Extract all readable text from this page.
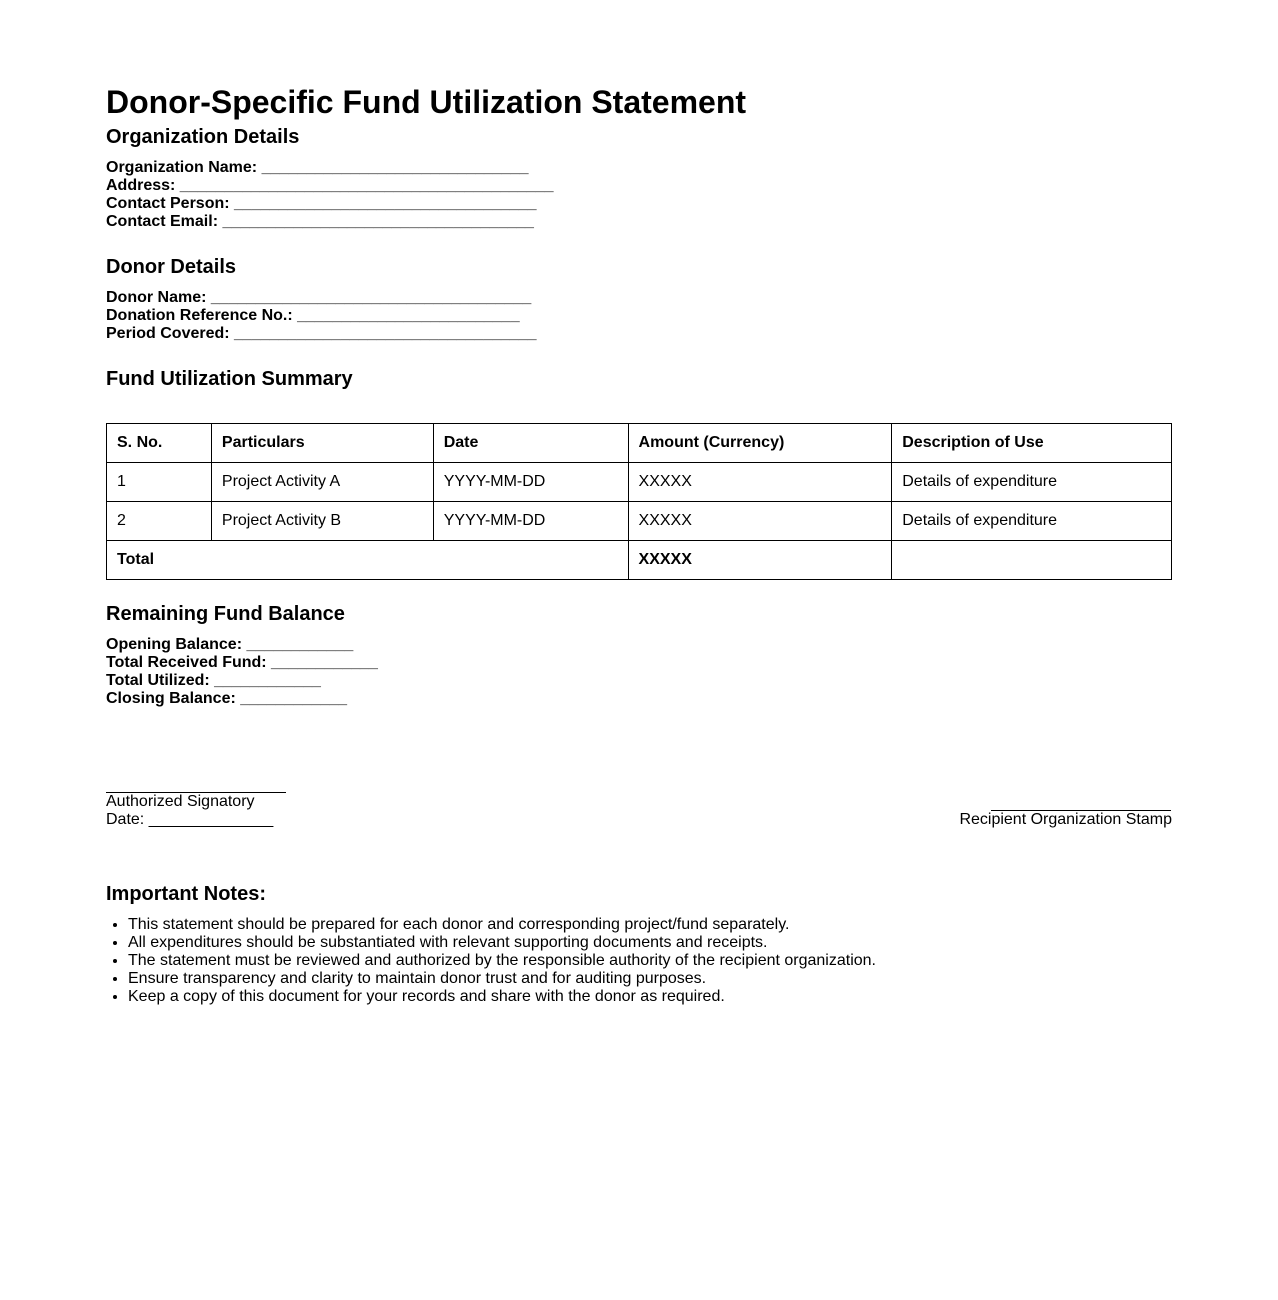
Donor-Specific Fund Utilization Statement
Organization Details
Organization Name: ______________________________
Address: __________________________________________
Contact Person: __________________________________
Contact Email: ___________________________________
Donor Details
Donor Name: ____________________________________
Donation Reference No.: _________________________
Period Covered: __________________________________
Fund Utilization Summary
S. No.	Particulars	Date	Amount (Currency)	Description of Use
1	Project Activity A	YYYY-MM-DD	XXXXX	Details of expenditure
2	Project Activity B	YYYY-MM-DD	XXXXX	Details of expenditure
Total			XXXXX	
Remaining Fund Balance
Opening Balance: ____________
Total Received Fund: ____________
Total Utilized: ____________
Closing Balance: ____________
Authorized Signatory
Date: ______________	Recipient Organization Stamp
Important Notes:
• This statement should be prepared for each donor and corresponding project/fund separately.
• All expenditures should be substantiated with relevant supporting documents and receipts.
• The statement must be reviewed and authorized by the responsible authority of the recipient organization.
• Ensure transparency and clarity to maintain donor trust and for auditing purposes.
• Keep a copy of this document for your records and share with the donor as required.
